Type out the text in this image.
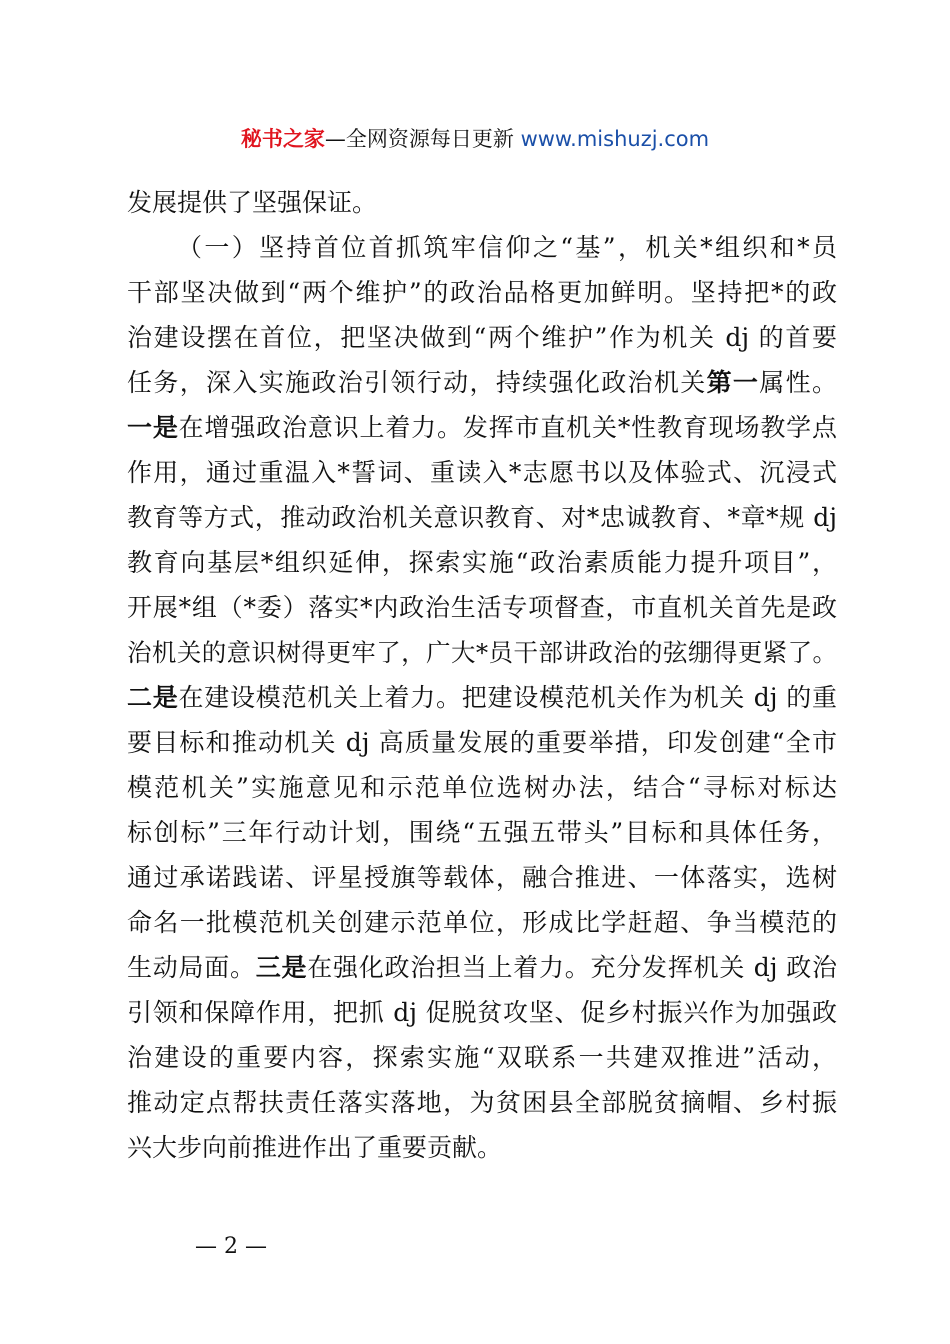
秘书之家—全网资源每日更新 www.mishuzj.com
发展提供了坚强保证。
（一）坚持首位首抓筑牢信仰之“基”，机关*组织和*员
干部坚决做到“两个维护”的政治品格更加鲜明。坚持把*的政
治建设摆在首位，把坚决做到“两个维护”作为机关 dj 的首要
任务，深入实施政治引领行动，持续强化政治机关第一属性。
一是在增强政治意识上着力。发挥市直机关*性教育现场教学点
作用，通过重温入*誓词、重读入*志愿书以及体验式、沉浸式
教育等方式，推动政治机关意识教育、对*忠诚教育、*章*规 dj
教育向基层*组织延伸，探索实施“政治素质能力提升项目”，
开展*组（*委）落实*内政治生活专项督查，市直机关首先是政
治机关的意识树得更牢了，广大*员干部讲政治的弦绷得更紧了。
二是在建设模范机关上着力。把建设模范机关作为机关 dj 的重
要目标和推动机关 dj 高质量发展的重要举措，印发创建“全市
模范机关”实施意见和示范单位选树办法，结合“寻标对标达
标创标”三年行动计划，围绕“五强五带头”目标和具体任务，
通过承诺践诺、评星授旗等载体，融合推进、一体落实，选树
命名一批模范机关创建示范单位，形成比学赶超、争当模范的
生动局面。三是在强化政治担当上着力。充分发挥机关 dj 政治
引领和保障作用，把抓 dj 促脱贫攻坚、促乡村振兴作为加强政
治建设的重要内容，探索实施“双联系一共建双推进”活动，
推动定点帮扶责任落实落地，为贫困县全部脱贫摘帽、乡村振
兴大步向前推进作出了重要贡献。
— 2 —
